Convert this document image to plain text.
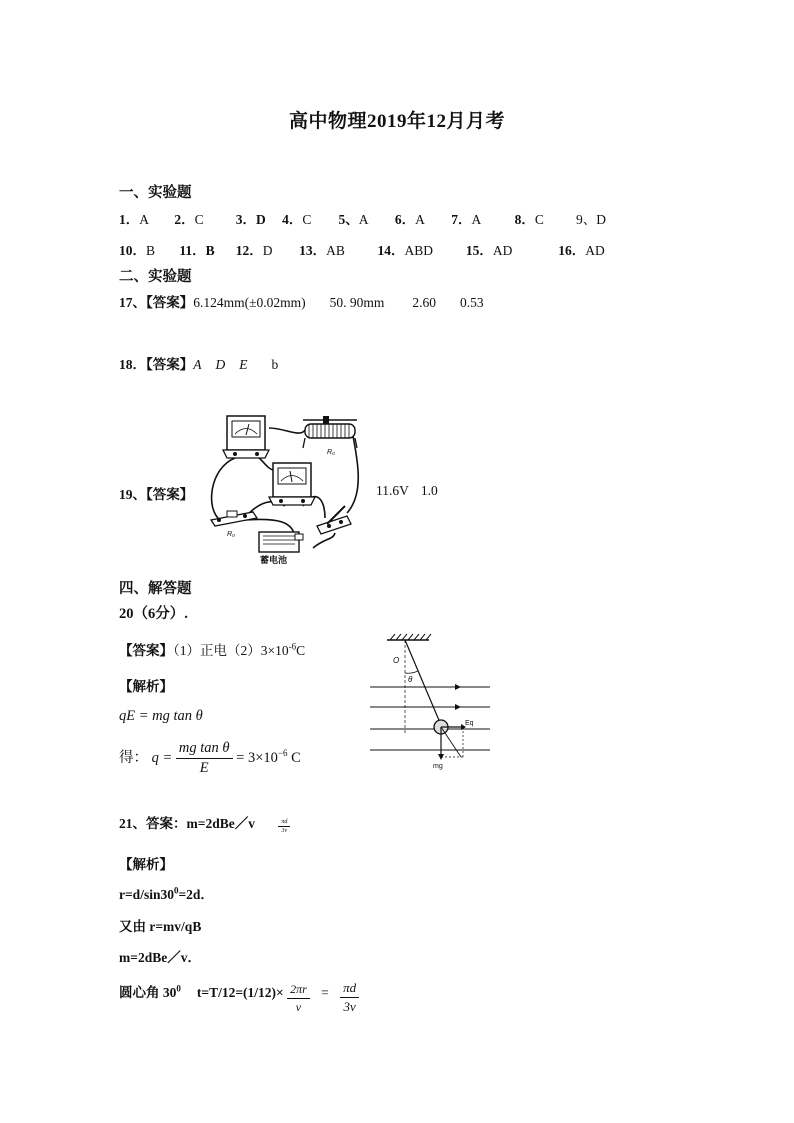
高中物理2019年12月月考
一、实验题
1．A 2．C 3．D 4．C 5、A 6．A 7．A 8．C 9、D
10．B 11．B 12．D 13．AB 14．ABD 15．AD	16．AD
二、实验题
17、【答案】6.124mm(±0.02mm) 50. 90mm 2.60 0.53
18．【答案】A D E b
19、【答案】
R₀
R₀
蓄电池
11.6V 1.0
四、解答题
20（6分）.
【答案】（1）正电$(2)3\times 10^{-6}C$
【解析】
qE = mg tan θ
得： $q = \frac{\text{mg tan θ}}{E} = 3\times 10^{-6}$ C
O
θ
Eq
mg
21、答案：m=2dBe／v	$\frac{\pi d}{3v}$
【解析】
$r=d/\sin 30^0=2d$．
又由 r=mv/qB
m=2dBe／v．
圆心角 $30^0$ $t=T/12=(1/12)\times \frac{2\pi r}{v} = \frac{\pi d}{3v}$
